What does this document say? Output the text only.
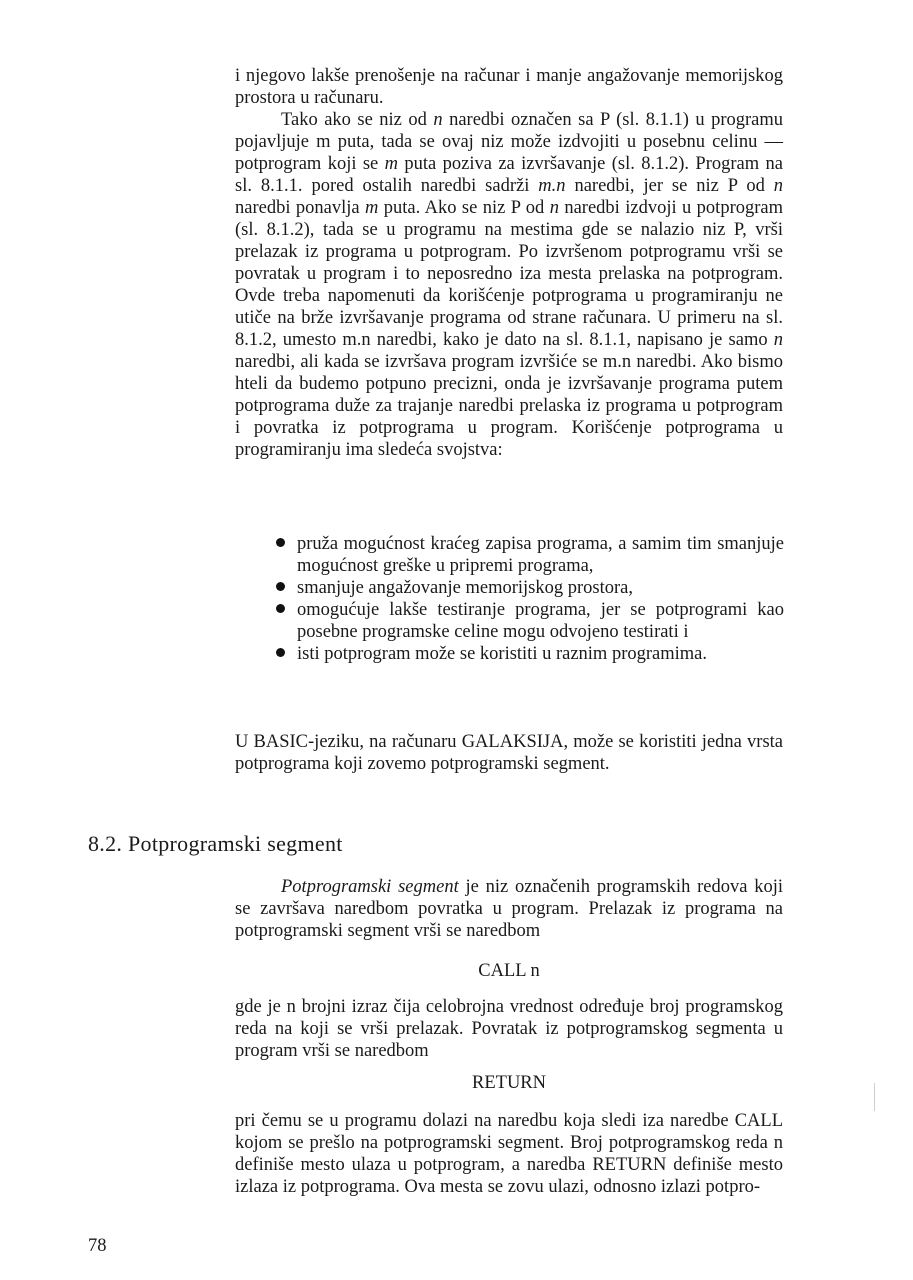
i njegovo lakše prenošenje na računar i manje angažovanje memorijskog prostora u računaru.

Tako ako se niz od n naredbi označen sa P (sl. 8.1.1) u programu pojavljuje m puta, tada se ovaj niz može izdvojiti u posebnu celinu — potprogram koji se m puta poziva za izvršavanje (sl. 8.1.2). Program na sl. 8.1.1. pored ostalih naredbi sadrži m.n naredbi, jer se niz P od n naredbi ponavlja m puta. Ako se niz P od n naredbi izdvoji u potprogram (sl. 8.1.2), tada se u programu na mestima gde se nalazio niz P, vrši prelazak iz programa u potprogram. Po izvršenom potprogramu vrši se povratak u program i to neposredno iza mesta prelaska na potprogram. Ovde treba napomenuti da korišćenje potprograma u programiranju ne utiče na brže izvršavanje programa od strane računara. U primeru na sl. 8.1.2, umesto m.n naredbi, kako je dato na sl. 8.1.1, napisano je samo n naredbi, ali kada se izvršava program izvršiće se m.n naredbi. Ako bismo hteli da budemo potpuno precizni, onda je izvršavanje programa putem potprograma duže za trajanje naredbi prelaska iz programa u potprogram i povratka iz potprograma u program. Korišćenje potprograma u programiranju ima sledeća svojstva:

pruža mogućnost kraćeg zapisa programa, a samim tim smanjuje mogućnost greške u pripremi programa,
smanjuje angažovanje memorijskog prostora,
omogućuje lakše testiranje programa, jer se potprogrami kao posebne programske celine mogu odvojeno testirati i
isti potprogram može se koristiti u raznim programima.

U BASIC-jeziku, na računaru GALAKSIJA, može se koristiti jedna vrsta potprograma koji zovemo potprogramski segment.

8.2. Potprogramski segment

Potprogramski segment je niz označenih programskih redova koji se završava naredbom povratka u program. Prelazak iz programa na potprogramski segment vrši se naredbom

CALL n

gde je n brojni izraz čija celobrojna vrednost određuje broj programskog reda na koji se vrši prelazak. Povratak iz potprogramskog segmenta u program vrši se naredbom

RETURN

pri čemu se u programu dolazi na naredbu koja sledi iza naredbe CALL kojom se prešlo na potprogramski segment. Broj potprogramskog reda n definiše mesto ulaza u potprogram, a naredba RETURN definiše mesto izlaza iz potprograma. Ova mesta se zovu ulazi, odnosno izlazi potpro-

78
